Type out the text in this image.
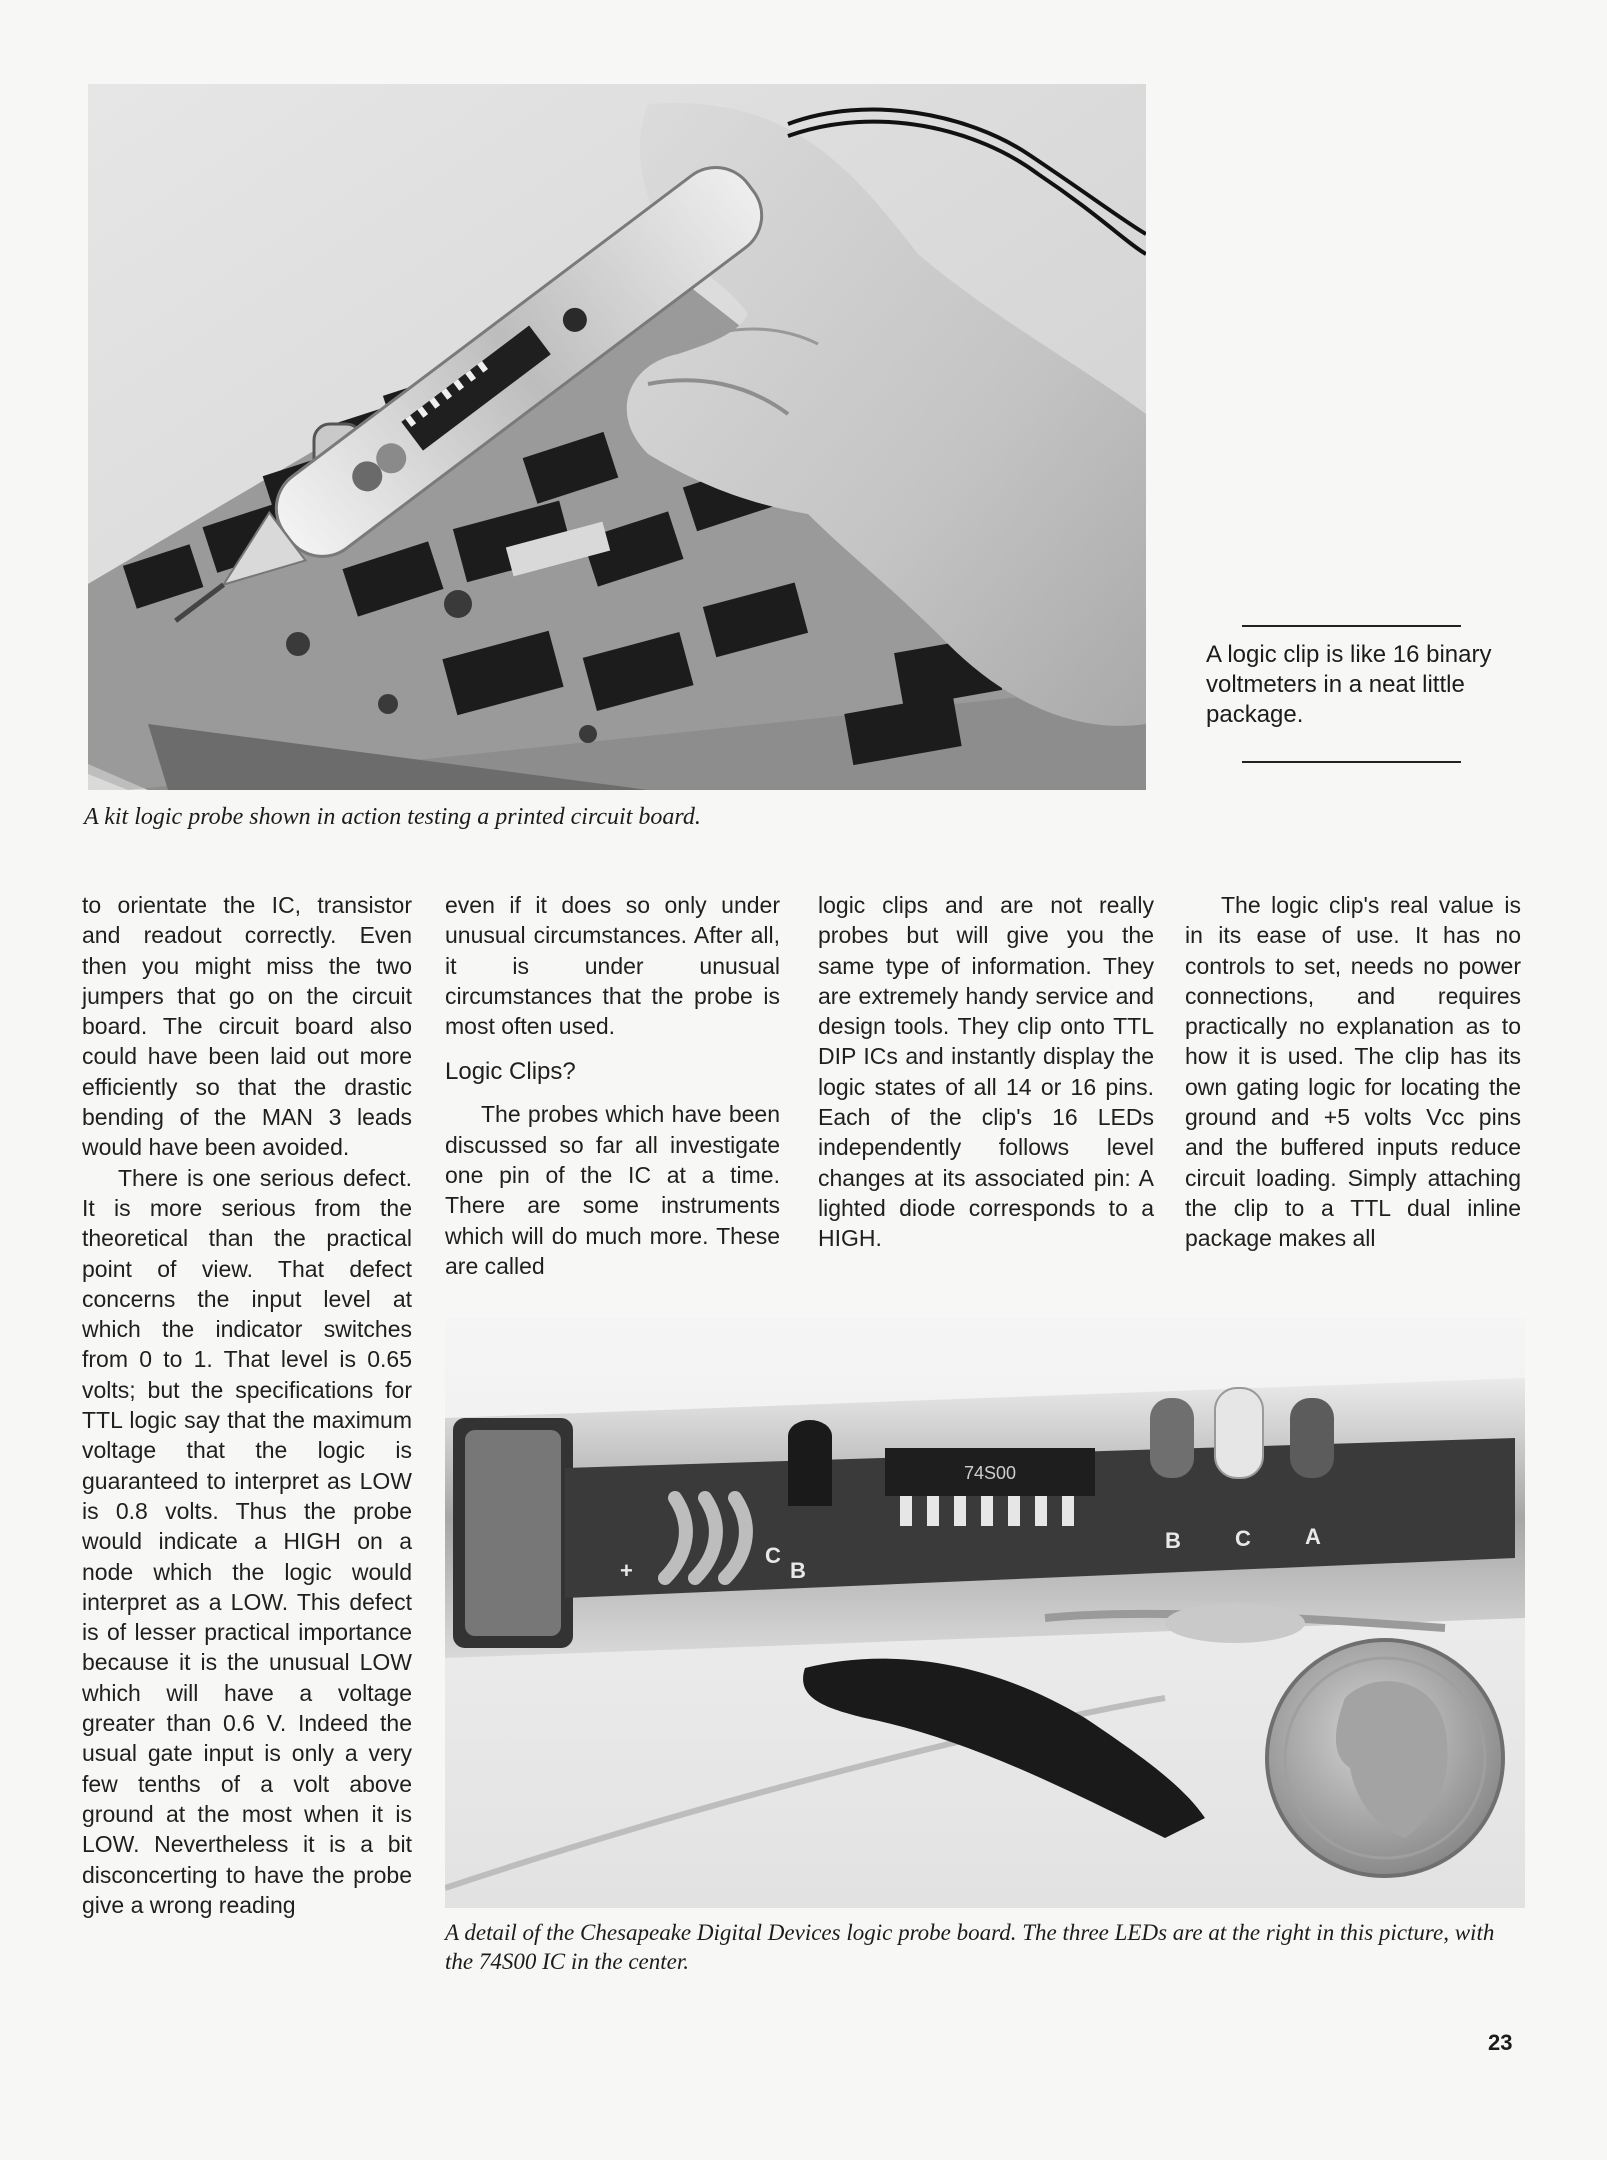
A logic clip is like 16 binary voltmeters in a neat little package.

A kit logic probe shown in action testing a printed circuit board.

to orientate the IC, transistor and readout correctly. Even then you might miss the two jumpers that go on the circuit board. The circuit board also could have been laid out more efficiently so that the drastic bending of the MAN 3 leads would have been avoided.

There is one serious defect. It is more serious from the theoretical than the practical point of view. That defect concerns the input level at which the indicator switches from 0 to 1. That level is 0.65 volts; but the specifications for TTL logic say that the maximum voltage that the logic is guaranteed to interpret as LOW is 0.8 volts. Thus the probe would indicate a HIGH on a node which the logic would interpret as a LOW. This defect is of lesser practical importance because it is the unusual LOW which will have a voltage greater than 0.6 V. Indeed the usual gate input is only a very few tenths of a volt above ground at the most when it is LOW. Nevertheless it is a bit disconcerting to have the probe give a wrong reading

even if it does so only under unusual circumstances. After all, it is under unusual circumstances that the probe is most often used.

Logic Clips?

The probes which have been discussed so far all investigate one pin of the IC at a time. There are some instruments which will do much more. These are called

logic clips and are not really probes but will give you the same type of information. They are extremely handy service and design tools. They clip onto TTL DIP ICs and instantly display the logic states of all 14 or 16 pins. Each of the clip's 16 LEDs independently follows level changes at its associated pin: A lighted diode corresponds to a HIGH.

The logic clip's real value is in its ease of use. It has no controls to set, needs no power connections, and requires practically no explanation as to how it is used. The clip has its own gating logic for locating the ground and +5 volts Vcc pins and the buffered inputs reduce circuit loading. Simply attaching the clip to a TTL dual inline package makes all

74S00
+
C
B
B C A

A detail of the Chesapeake Digital Devices logic probe board. The three LEDs are at the right in this picture, with the 74S00 IC in the center.

23
